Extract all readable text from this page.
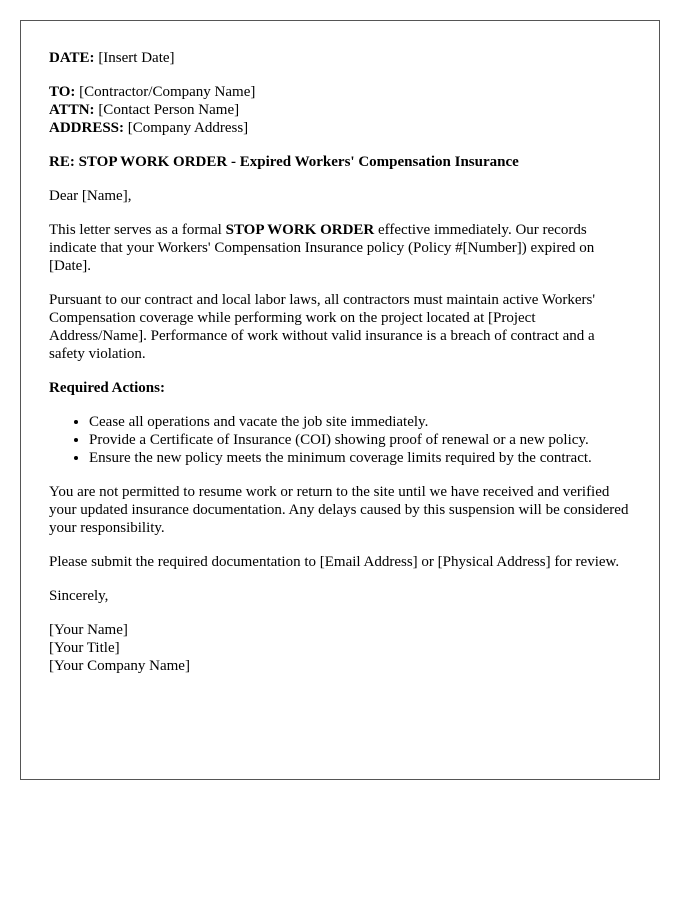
DATE: [Insert Date]
TO: [Contractor/Company Name]
ATTN: [Contact Person Name]
ADDRESS: [Company Address]
RE: STOP WORK ORDER - Expired Workers' Compensation Insurance
Dear [Name],
This letter serves as a formal STOP WORK ORDER effective immediately. Our records indicate that your Workers' Compensation Insurance policy (Policy #[Number]) expired on [Date].
Pursuant to our contract and local labor laws, all contractors must maintain active Workers' Compensation coverage while performing work on the project located at [Project Address/Name]. Performance of work without valid insurance is a breach of contract and a safety violation.
Required Actions:
• Cease all operations and vacate the job site immediately.
• Provide a Certificate of Insurance (COI) showing proof of renewal or a new policy.
• Ensure the new policy meets the minimum coverage limits required by the contract.
You are not permitted to resume work or return to the site until we have received and verified your updated insurance documentation. Any delays caused by this suspension will be considered your responsibility.
Please submit the required documentation to [Email Address] or [Physical Address] for review.
Sincerely,
[Your Name]
[Your Title]
[Your Company Name]
